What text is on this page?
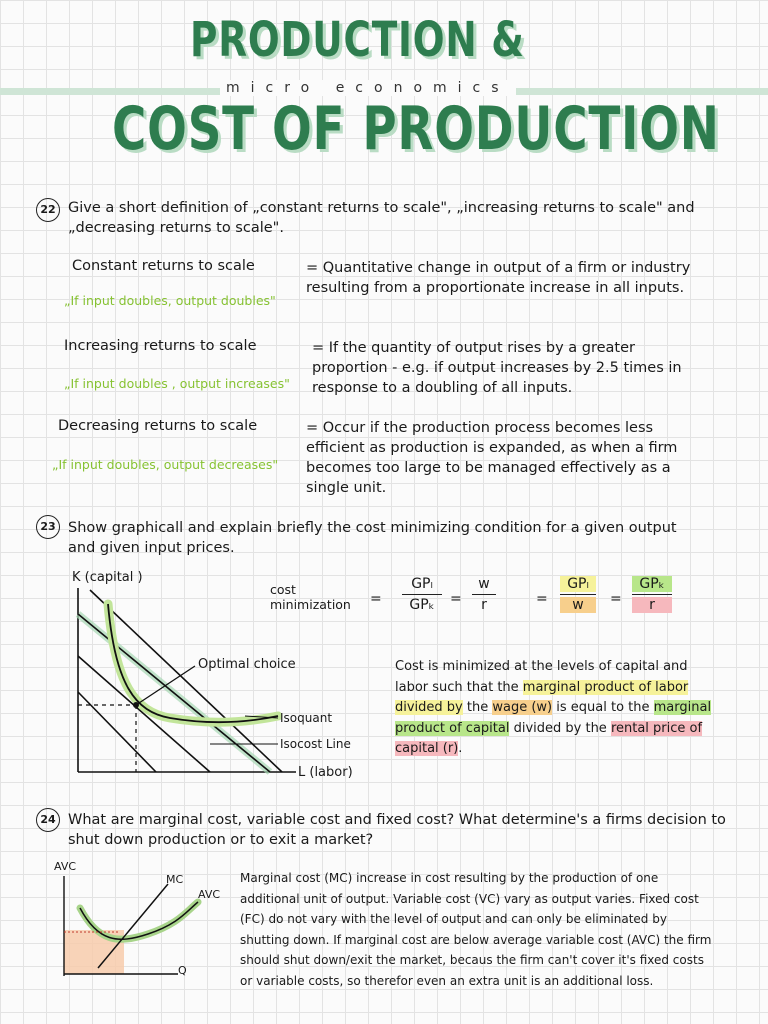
PRODUCTION &
micro economics
COST OF PRODUCTION
22 Give a short definition of „constant returns to scale", „increasing returns to scale" and „decreasing returns to scale".
Constant returns to scale
„If input doubles, output doubles"
= Quantitative change in output of a firm or industry resulting from a proportionate increase in all inputs.
Increasing returns to scale
„If input doubles , output increases"
= If the quantity of output rises by a greater proportion - e.g. if output increases by 2.5 times in response to a doubling of all inputs.
Decreasing returns to scale
„If input doubles, output decreases"
= Occur if the production process becomes less efficient as production is expanded, as when a firm becomes too large to be managed effectively as a single unit.
23 Show graphicall and explain briefly the cost minimizing condition for a given output and given input prices.
K (capital )
Optimal choice
Isoquant
Isocost Line
L (labor)
cost minimization	=
GPₗ
GPₖ	=
w
r	=
GPₗ
w	=
GPₖ
r
Cost is minimized at the levels of capital and labor such that the marginal product of labor divided by the wage (w) is equal to the marginal product of capital divided by the rental price of capital (r).
24 What are marginal cost, variable cost and fixed cost? What determine's a firms decision to shut down production or to exit a market?
AVC
MC
AVC
Q
Marginal cost (MC) increase in cost resulting by the production of one additional unit of output. Variable cost (VC) vary as output varies. Fixed cost (FC) do not vary with the level of output and can only be eliminated by shutting down. If marginal cost are below average variable cost (AVC) the firm should shut down/exit the market, becaus the firm can't cover it's fixed costs or variable costs, so therefor even an extra unit is an additional loss.
